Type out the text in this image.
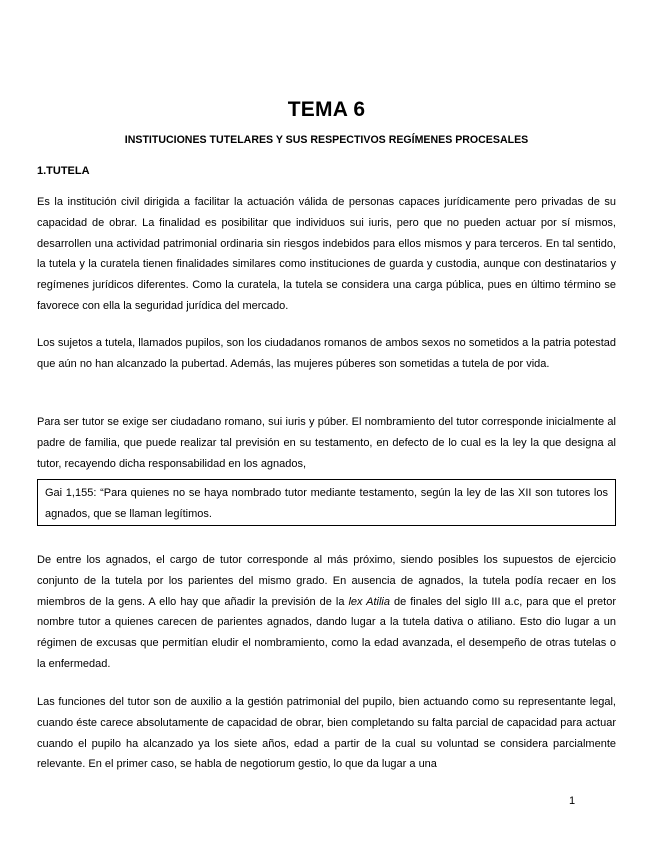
TEMA 6
INSTITUCIONES TUTELARES Y SUS RESPECTIVOS REGÍMENES PROCESALES
1.TUTELA

Es la institución civil dirigida a facilitar la actuación válida de personas capaces jurídicamente pero privadas de su capacidad de obrar. La finalidad es posibilitar que individuos sui iuris, pero que no pueden actuar por sí mismos, desarrollen una actividad patrimonial ordinaria sin riesgos indebidos para ellos mismos y para terceros. En tal sentido, la tutela y la curatela tienen finalidades similares como instituciones de guarda y custodia, aunque con destinatarios y regímenes jurídicos diferentes. Como la curatela, la tutela se considera una carga pública, pues en último término se favorece con ella la seguridad jurídica del mercado.

Los sujetos a tutela, llamados pupilos, son los ciudadanos romanos de ambos sexos no sometidos a la patria potestad que aún no han alcanzado la pubertad. Además, las mujeres púberes son sometidas a tutela de por vida.

Para ser tutor se exige ser ciudadano romano, sui iuris y púber. El nombramiento del tutor corresponde inicialmente al padre de familia, que puede realizar tal previsión en su testamento, en defecto de lo cual es la ley la que designa al tutor, recayendo dicha responsabilidad en los agnados,

Gai 1,155: “Para quienes no se haya nombrado tutor mediante testamento, según la ley de las XII son tutores los agnados, que se llaman legítimos.

De entre los agnados, el cargo de tutor corresponde al más próximo, siendo posibles los supuestos de ejercicio conjunto de la tutela por los parientes del mismo grado. En ausencia de agnados, la tutela podía recaer en los miembros de la gens. A ello hay que añadir la previsión de la lex Atilia de finales del siglo III a.c, para que el pretor nombre tutor a quienes carecen de parientes agnados, dando lugar a la tutela dativa o atiliano. Esto dio lugar a un régimen de excusas que permitían eludir el nombramiento, como la edad avanzada, el desempeño de otras tutelas o la enfermedad.

Las funciones del tutor son de auxilio a la gestión patrimonial del pupilo, bien actuando como su representante legal, cuando éste carece absolutamente de capacidad de obrar, bien completando su falta parcial de capacidad para actuar cuando el pupilo ha alcanzado ya los siete años, edad a partir de la cual su voluntad se considera parcialmente relevante. En el primer caso, se habla de negotiorum gestio, lo que da lugar a una

1
